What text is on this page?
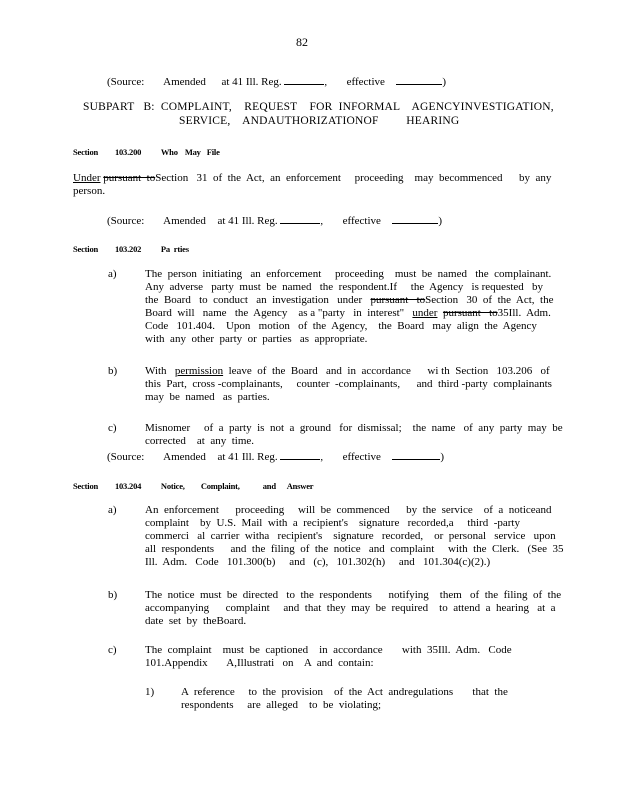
82
(Source: Amended at 41 Ill. Reg.	,  effective	)
SUBPART   B:  COMPLAINT,    REQUEST    FOR  INFORMAL    AGENCYINVESTIGATION,
SERVICE,    ANDAUTHORIZATIONOF         HEARING
Section 103.200 Who May File
Under pursuant  toSection   31  of  the  Act,  an  enforcement     proceeding    may  becommenced      by  any
person.
(Source: Amended at 41 Ill. Reg.	,  effective	)
Section 103.202 Pa  rties
a)	The  person  initiating   an  enforcement     proceeding    must  be  named   the  complainant.
Any  adverse   party  must  be  named   the  respondent.If     the  Agency   is requested   by
the  Board   to  conduct   an  investigation   under pursuant   toSection   30  of  the  Act,  the
Board  will   name   the  Agency    as a "party   in  interest" under pursuant   to35Ill.  Adm.
Code   101.404.    Upon   motion   of  the  Agency,    the  Board   may  align  the  Agency
with  any  other  party  or  parties   as  appropriate.
b)	With permission leave  of  the  Board   and  in  accordance      wi th  Section   103.206   of
this  Part,  cross -complainants,     counter  -complainants,      and  third -party  complainants
may  be  named   as  parties.
c)	Misnomer     of  a  party  is  not  a  ground   for  dismissal;    the  name   of  any  party  may  be
corrected    at  any  time.
(Source: Amended at 41 Ill. Reg.	,  effective	)
Section 103.204 Notice, Complaint,	and Answer
a)	An  enforcement      proceeding     will  be  commenced      by  the  service    of  a  noticeand
complaint    by  U.S.  Mail  with  a  recipient's    signature   recorded,a     third  -party
commerci   al  carrier  witha   recipient's    signature   recorded,    or  personal   service   upon
all  respondents      and  the  filing  of  the  notice   and  complaint     with  the  Clerk.   (See  35
Ill.  Adm.   Code   101.300(b)     and   (c),   101.302(h)     and   101.304(c)(2).)
b)	The  notice  must  be  directed   to  the  respondents      notifying    them   of  the  filing  of  the
accompanying      complaint     and  that  they  may  be  required    to  attend  a  hearing   at  a
date  set  by  theBoard.
c)	The  complaint    must  be  captioned    in  accordance       with  35Ill.  Adm.   Code
101.Appendix       A,Illustrati   on    A  and  contain:
1) A  reference     to  the  provision    of  the  Act  andregulations       that  the
respondents     are  alleged    to  be  violating;
